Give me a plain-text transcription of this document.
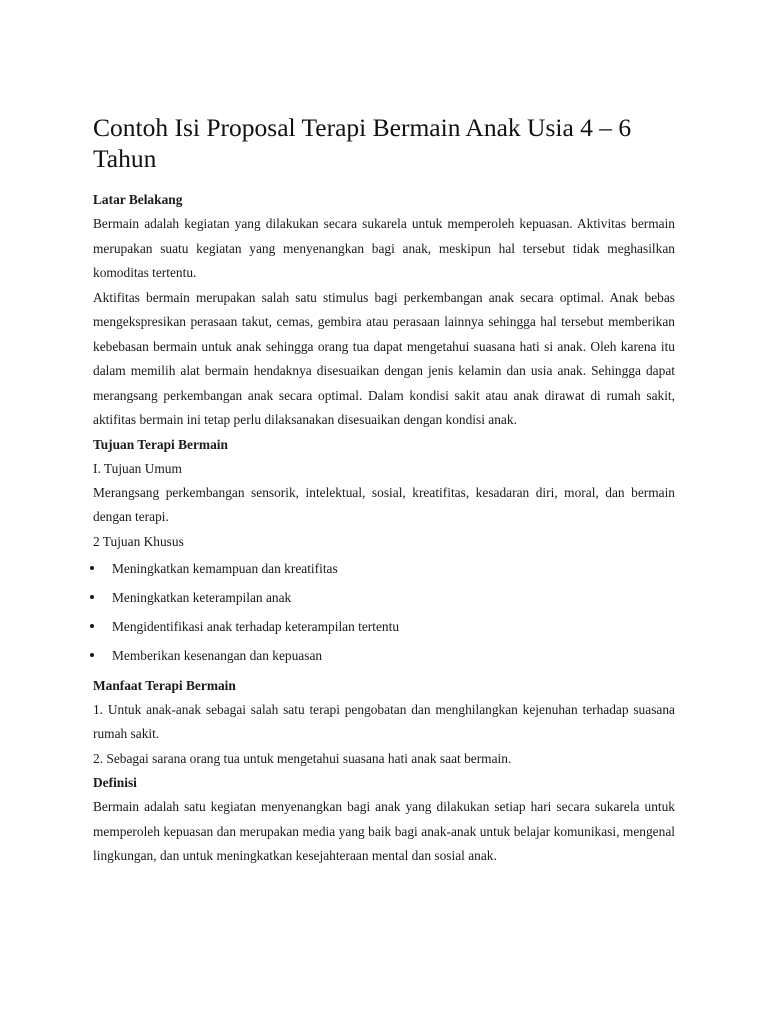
Contoh Isi Proposal Terapi Bermain Anak Usia 4 – 6 Tahun

Latar Belakang

Bermain adalah kegiatan yang dilakukan secara sukarela untuk memperoleh kepuasan. Aktivitas bermain merupakan suatu kegiatan yang menyenangkan bagi anak, meskipun hal tersebut tidak meghasilkan komoditas tertentu.

Aktifitas bermain merupakan salah satu stimulus bagi perkembangan anak secara optimal. Anak bebas mengekspresikan perasaan takut, cemas, gembira atau perasaan lainnya sehingga hal tersebut memberikan kebebasan bermain untuk anak sehingga orang tua dapat mengetahui suasana hati si anak. Oleh karena itu dalam memilih alat bermain hendaknya disesuaikan dengan jenis kelamin dan usia anak. Sehingga dapat merangsang perkembangan anak secara optimal. Dalam kondisi sakit atau anak dirawat di rumah sakit, aktifitas bermain ini tetap perlu dilaksanakan disesuaikan dengan kondisi anak.

Tujuan Terapi Bermain

I. Tujuan Umum

Merangsang perkembangan sensorik, intelektual, sosial, kreatifitas, kesadaran diri, moral, dan bermain dengan terapi.

2 Tujuan Khusus

Meningkatkan kemampuan dan kreatifitas
Meningkatkan keterampilan anak
Mengidentifikasi anak terhadap keterampilan tertentu
Memberikan kesenangan dan kepuasan

Manfaat Terapi Bermain

1. Untuk anak-anak sebagai salah satu terapi pengobatan dan menghilangkan kejenuhan terhadap suasana rumah sakit.

2. Sebagai sarana orang tua untuk mengetahui suasana hati anak saat bermain.

Definisi

Bermain adalah satu kegiatan menyenangkan bagi anak yang dilakukan setiap hari secara sukarela untuk memperoleh kepuasan dan merupakan media yang baik bagi anak-anak untuk belajar komunikasi, mengenal lingkungan, dan untuk meningkatkan kesejahteraan mental dan sosial anak.
